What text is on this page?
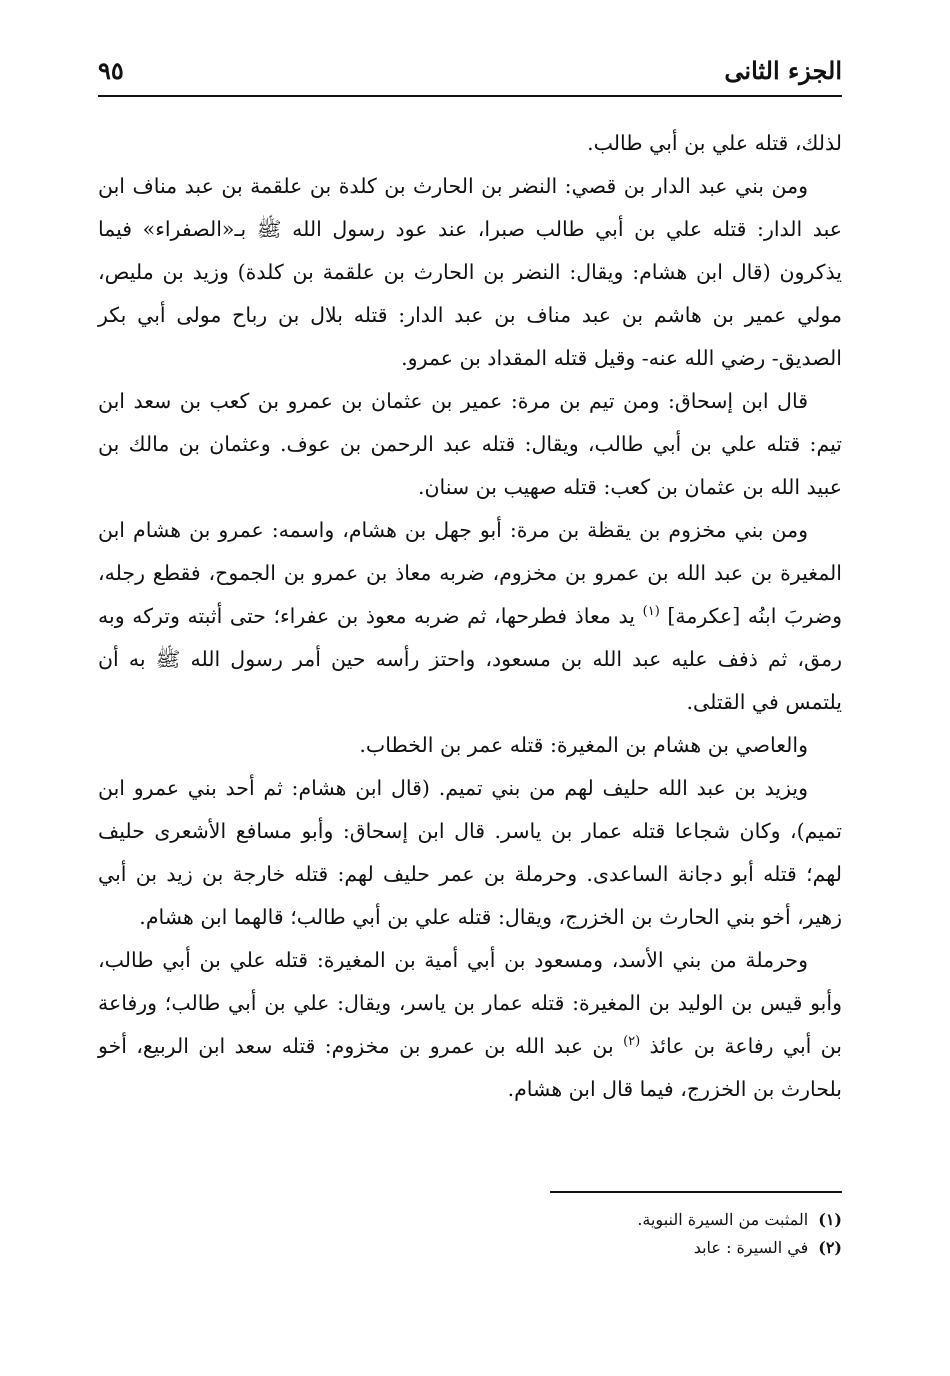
الجزء الثانى
٩٥

لذلك، قتله علي بن أبي طالب.

ومن بني عبد الدار بن قصي: النضر بن الحارث بن كلدة بن علقمة بن عبد مناف ابن عبد الدار: قتله علي بن أبي طالب صبرا، عند عود رسول الله ﷺ بـ«الصفراء» فيما يذكرون (قال ابن هشام: ويقال: النضر بن الحارث بن علقمة بن كلدة) وزيد بن مليص، مولي عمير بن هاشم بن عبد مناف بن عبد الدار: قتله بلال بن رباح مولى أبي بكر الصديق- رضي الله عنه- وقيل قتله المقداد بن عمرو.

قال ابن إسحاق: ومن تيم بن مرة: عمير بن عثمان بن عمرو بن كعب بن سعد ابن تيم: قتله علي بن أبي طالب، ويقال: قتله عبد الرحمن بن عوف. وعثمان بن مالك بن عبيد الله بن عثمان بن كعب: قتله صهيب بن سنان.

ومن بني مخزوم بن يقظة بن مرة: أبو جهل بن هشام، واسمه: عمرو بن هشام ابن المغيرة بن عبد الله بن عمرو بن مخزوم، ضربه معاذ بن عمرو بن الجموح، فقطع رجله، وضربَ ابنُه [عكرمة] $^{(١)}$ يد معاذ فطرحها، ثم ضربه معوذ بن عفراء؛ حتى أثبته وتركه وبه رمق، ثم ذفف عليه عبد الله بن مسعود، واحتز رأسه حين أمر رسول الله ﷺ به أن يلتمس في القتلى.

والعاصي بن هشام بن المغيرة: قتله عمر بن الخطاب.

ويزيد بن عبد الله حليف لهم من بني تميم. (قال ابن هشام: ثم أحد بني عمرو ابن تميم)، وكان شجاعا قتله عمار بن ياسر. قال ابن إسحاق: وأبو مسافع الأشعرى حليف لهم؛ قتله أبو دجانة الساعدى. وحرملة بن عمر حليف لهم: قتله خارجة بن زيد بن أبي زهير، أخو بني الحارث بن الخزرج، ويقال: قتله علي بن أبي طالب؛ قالهما ابن هشام.

وحرملة من بني الأسد، ومسعود بن أبي أمية بن المغيرة: قتله علي بن أبي طالب، وأبو قيس بن الوليد بن المغيرة: قتله عمار بن ياسر، ويقال: علي بن أبي طالب؛ ورفاعة بن أبي رفاعة بن عائذ $^{(٢)}$ بن عبد الله بن عمرو بن مخزوم: قتله سعد ابن الربيع، أخو بلحارث بن الخزرج، فيما قال ابن هشام.

(١)المثبت من السيرة النبوية.

(٢)في السيرة : عابد
